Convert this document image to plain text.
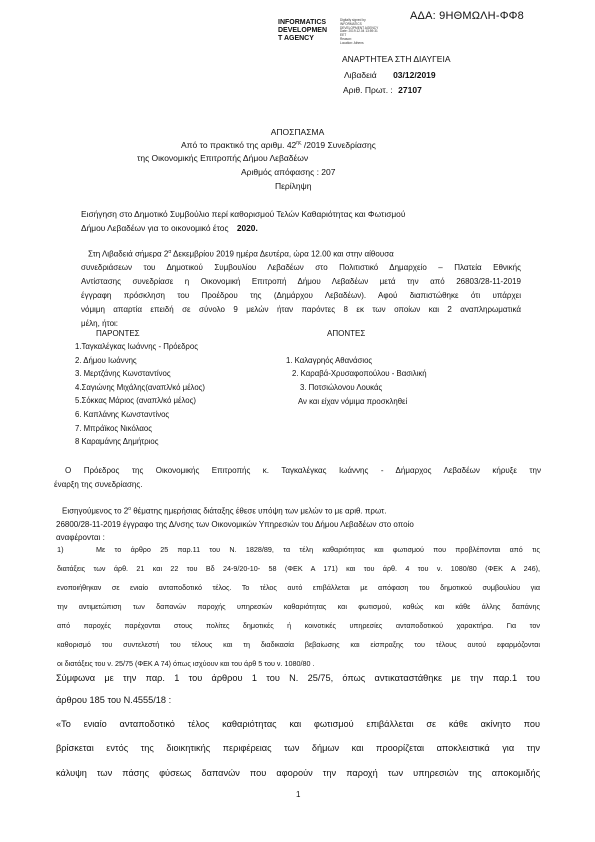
ΑΔΑ: 9ΗΘΜΩΛΗ-ΦΦ8
INFORMATICS
DEVELOPMEN
T AGENCY
Digitally signed by
INFORMATICS
DEVELOPMENT AGENCY
Date: 2019.12.04 13:59:31
EET
Reason:
Location: Athens
ΑΝΑΡΤΗΤΕΑ ΣΤΗ ΔΙΑΥΓΕΙΑ
Λιβαδειά 03/12/2019
Αριθ. Πρωτ. : 27107
ΑΠΟΣΠΑΣΜΑ
Από το πρακτικό της αριθμ. $42^{\eta\varsigma}$ /2019 Συνεδρίασης
της Οικονομικής Επιτροπής Δήμου Λεβαδέων
Αριθμός απόφασης : 207
Περίληψη
Εισήγηση στο Δημοτικό Συμβούλιο περί καθορισμού Τελών Καθαριότητας και Φωτισμού
Δήμου Λεβαδέων για το οικονομικό έτος 2020.
Στη Λιβαδειά σήμερα $2^\alpha$ Δεκεμβρίου 2019 ημέρα Δευτέρα, ώρα 12.00 και στην αίθουσα
συνεδριάσεων του Δημοτικού Συμβουλίου Λεβαδέων στο Πολιτιστικό Δημαρχείο – Πλατεία Εθνικής
Αντίστασης συνεδρίασε η Οικονομική Επιτροπή Δήμου Λεβαδέων μετά την από 26803/28-11-2019
έγγραφη πρόσκληση του Προέδρου της (Δημάρχου Λεβαδέων). Αφού διαπιστώθηκε ότι υπάρχει
νόμιμη απαρτία επειδή σε σύνολο 9 μελών ήταν παρόντες 8 εκ των οποίων και 2 αναπληρωματικά
μέλη, ήτοι:
ΠΑΡΟΝΤΕΣ	ΑΠΟΝΤΕΣ
1.Ταγκαλέγκας Ιωάννης - Πρόεδρος
2. Δήμου Ιωάννης
3. Μερτζάνης Κωνσταντίνος
4.Σαγιώνης Μιχάλης(αναπλ/κό μέλος)
5.Σόκκας Μάριος (αναπλ/κό μέλος)
6. Καπλάνης Κωνσταντίνος
7. Μπράϊκος Νικόλαος
8 Καραμάνης Δημήτριος
1. Καλαγρηός Αθανάσιος
2. Καραβά-Χρυσαφοπούλου - Βασιλική
3. Ποτσιώλονου Λουκάς
Αν και είχαν νόμιμα προσκληθεί
Ο Πρόεδρος της Οικονομικής Επιτροπής κ. Ταγκαλέγκας Ιωάννης - Δήμαρχος Λεβαδέων κήρυξε την
έναρξη της συνεδρίασης.
Εισηγούμενος το $2^o$ θέματης ημερήσιας διάταξης έθεσε υπόψη των μελών το με αριθ. πρωτ.
26800/28-11-2019 έγγραφο της Δ/νσης των Οικονομικών Υπηρεσιών του Δήμου Λεβαδέων στο οποίο
αναφέρονται :
1)	Με το άρθρο 25 παρ.11 του Ν. 1828/89, τα τέλη καθαριότητας και φωτισμού που προβλέπονται από τις
διατάξεις των άρθ. 21 και 22 του Βδ 24-9/20-10- 58 (ΦΕΚ Α 171) και του άρθ. 4 του ν. 1080/80 (ΦΕΚ Α 246),
ενοποιήθηκαν σε ενιαίο ανταποδοτικό τέλος. Το τέλος αυτό επιβάλλεται με απόφαση του δημοτικού συμβουλίου για
την αντιμετώπιση των δαπανών παροχής υπηρεσιών καθαριότητας και φωτισμού, καθώς και κάθε άλλης δαπάνης
από παροχές παρέχονται στους πολίτες δημοτικές ή κοινοτικές υπηρεσίες ανταποδοτικού χαρακτήρα. Για τον
καθορισμό του συντελεστή του τέλους και τη διαδικασία βεβαίωσης και είσπραξης του τέλους αυτού εφαρμόζονται
οι διατάξεις του ν. 25/75 (ΦΕΚ Α 74) όπως ισχύουν και του άρθ 5 του ν. 1080/80 .
Σύμφωνα με την παρ. 1 του άρθρου 1 του Ν. 25/75, όπως αντικαταστάθηκε με την παρ.1 του
άρθρου 185 του Ν.4555/18 :
«Το ενιαίο ανταποδοτικό τέλος καθαριότητας και φωτισμού επιβάλλεται σε κάθε ακίνητο που
βρίσκεται εντός της διοικητικής περιφέρειας των δήμων και προορίζεται αποκλειστικά για την
κάλυψη των πάσης φύσεως δαπανών που αφορούν την παροχή των υπηρεσιών της αποκομιδής
1
